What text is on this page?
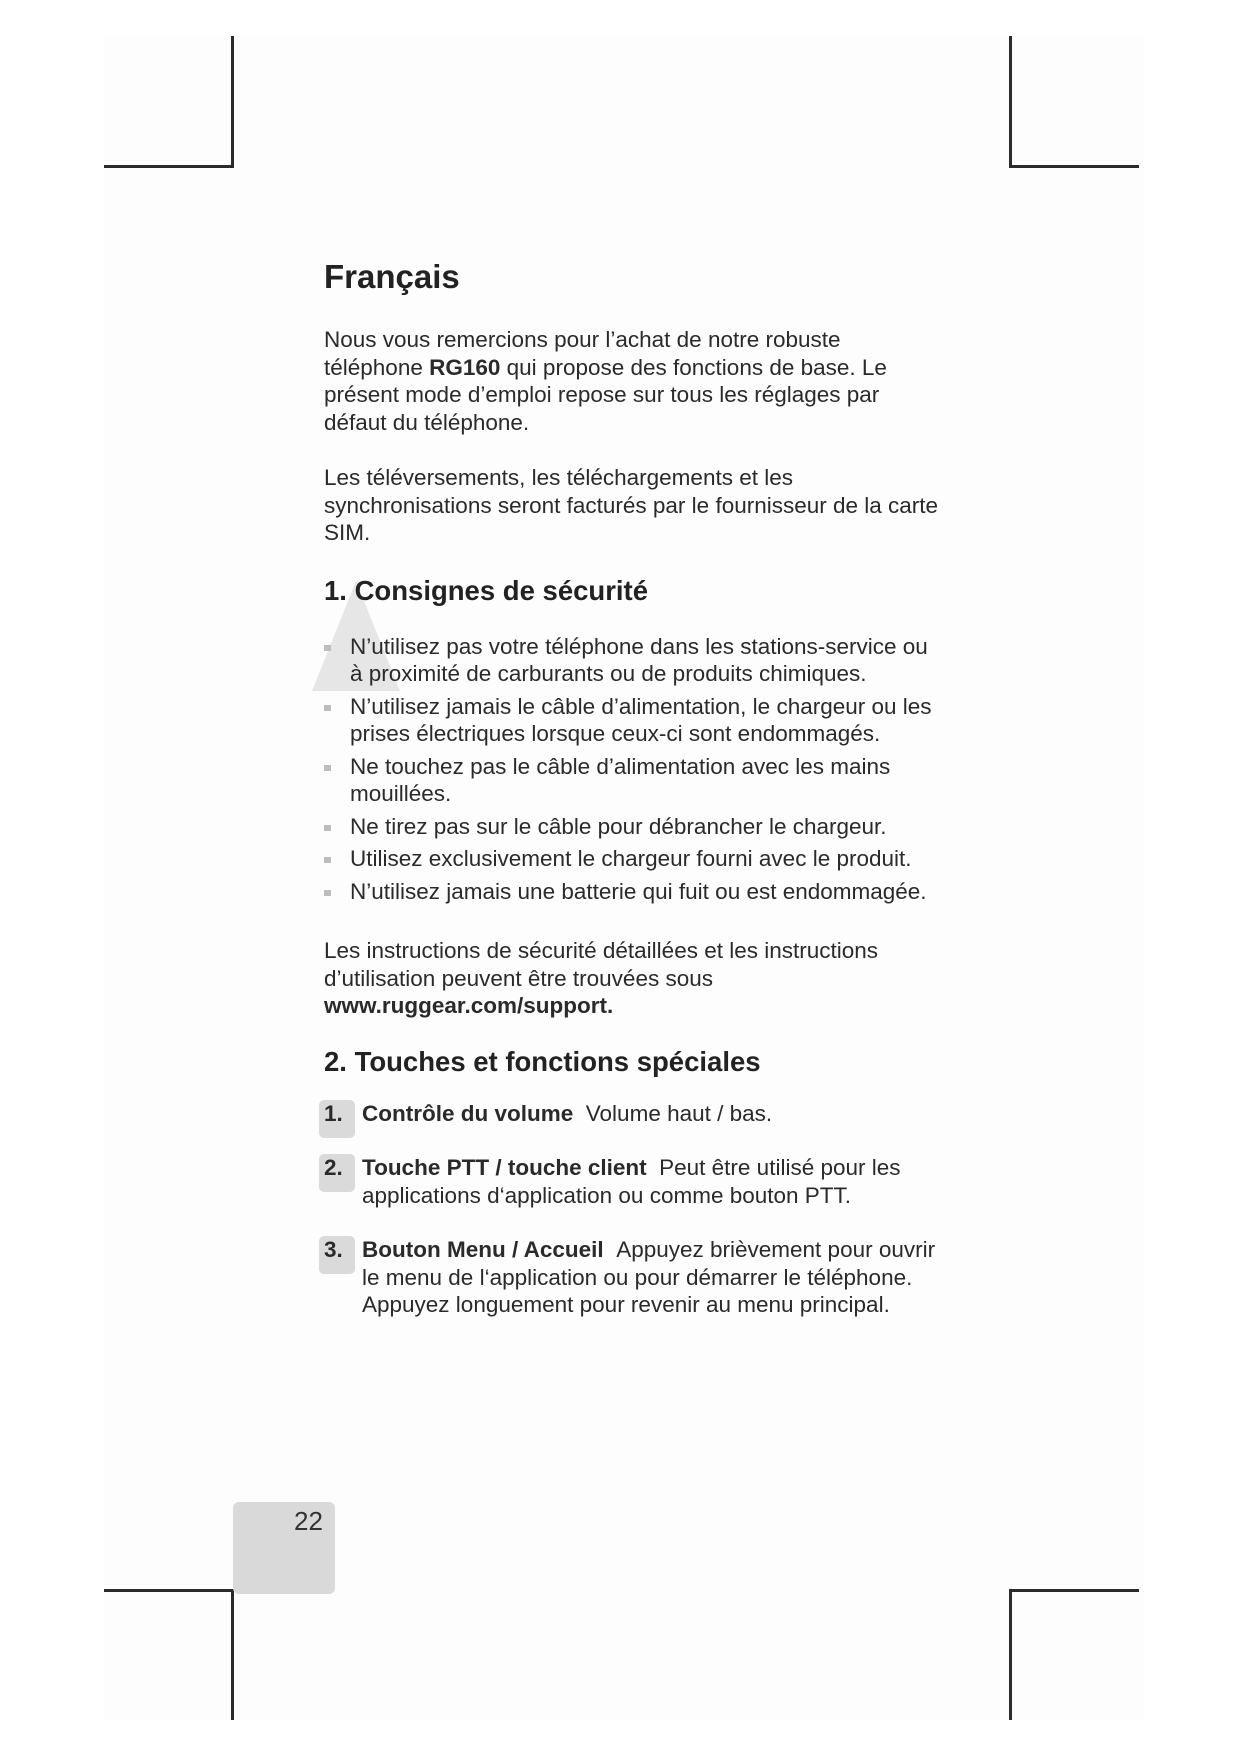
Français

Nous vous remercions pour l’achat de notre robuste téléphone RG160 qui propose des fonctions de base. Le présent mode d’emploi repose sur tous les réglages par défaut du téléphone.

Les téléversements, les téléchargements et les synchronisations seront facturés par le fournisseur de la carte SIM.

1. Consignes de sécurité
N’utilisez pas votre téléphone dans les stations-service ou à proximité de carburants ou de produits chimiques.
N’utilisez jamais le câble d’alimentation, le chargeur ou les prises électriques lorsque ceux-ci sont endommagés.
Ne touchez pas le câble d’alimentation avec les mains mouillées.
Ne tirez pas sur le câble pour débrancher le chargeur.
Utilisez exclusivement le chargeur fourni avec le produit.
N’utilisez jamais une batterie qui fuit ou est endommagée.

Les instructions de sécurité détaillées et les instructions d’utilisation peuvent être trouvées sous www.ruggear.com/support.

2. Touches et fonctions spéciales
1. Contrôle du volume Volume haut / bas.
2. Touche PTT / touche client Peut être utilisé pour les applications d‘application ou comme bouton PTT.
3. Bouton Menu / Accueil Appuyez brièvement pour ouvrir le menu de l‘application ou pour démarrer le téléphone. Appuyez longuement pour revenir au menu principal.
22
